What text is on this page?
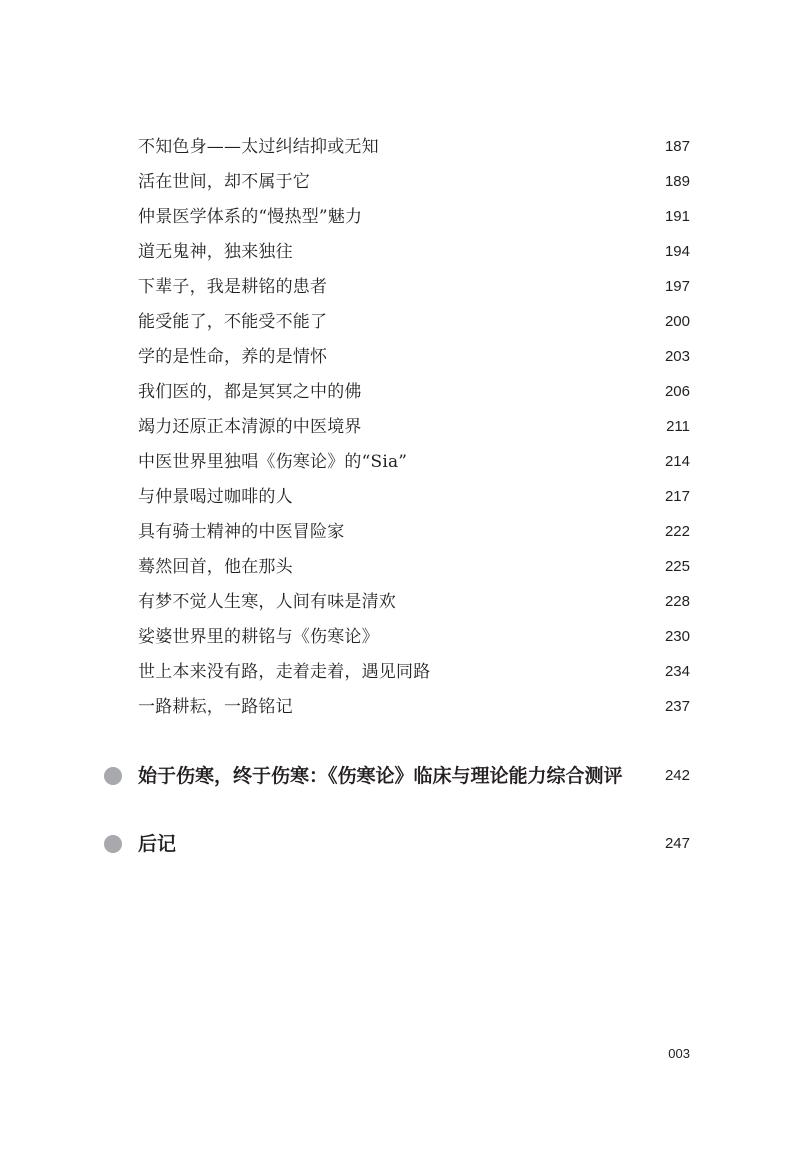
不知色身——太过纠结抑或无知	187
活在世间，却不属于它	189
仲景医学体系的“慢热型”魅力	191
道无鬼神，独来独往	194
下辈子，我是耕铭的患者	197
能受能了，不能受不能了	200
学的是性命，养的是情怀	203
我们医的，都是冥冥之中的佛	206
竭力还原正本清源的中医境界	211
中医世界里独唱《伤寒论》的“Sia”	214
与仲景喝过咖啡的人	217
具有骑士精神的中医冒险家	222
蓦然回首，他在那头	225
有梦不觉人生寒，人间有味是清欢	228
娑婆世界里的耕铭与《伤寒论》	230
世上本来没有路，走着走着，遇见同路	234
一路耕耘，一路铭记	237
始于伤寒，终于伤寒：《伤寒论》临床与理论能力综合测评	242
后记	247
003
